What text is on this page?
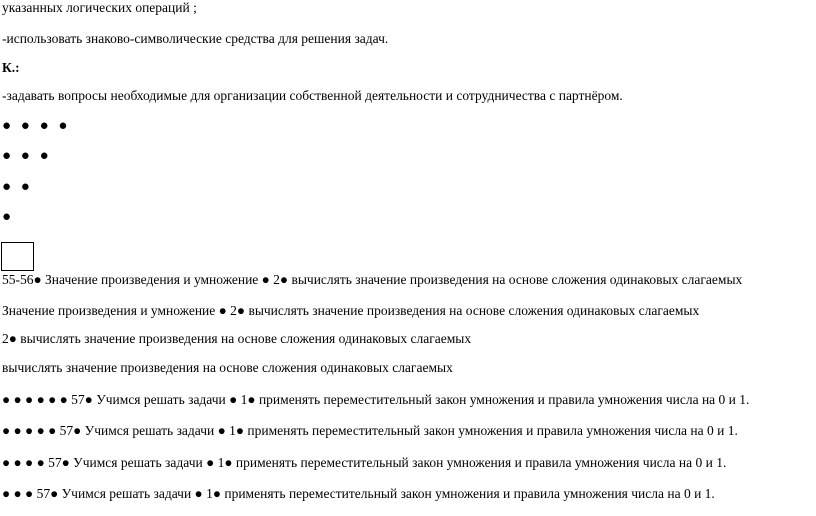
указанных логических операций ;
-использовать знаково-символические средства для решения задач.
К.:
-задавать вопросы необходимые для организации собственной деятельности и сотрудничества с партнёром.
● ● ● ●
● ● ●
● ●
●
55-56● Значение произведения и умножение ● 2● вычислять значение произведения на основе сложения одинаковых слагаемых
Значение произведения и умножение ● 2● вычислять значение произведения на основе сложения одинаковых слагаемых
2● вычислять значение произведения на основе сложения одинаковых слагаемых
вычислять значение произведения на основе сложения одинаковых слагаемых
● ● ● ● ● ● 57● Учимся решать задачи ● 1● применять переместительный закон умножения и правила умножения числа на 0 и 1.
● ● ● ● ● 57● Учимся решать задачи ● 1● применять переместительный закон умножения и правила умножения числа на 0 и 1.
● ● ● ● 57● Учимся решать задачи ● 1● применять переместительный закон умножения и правила умножения числа на 0 и 1.
● ● ● 57● Учимся решать задачи ● 1● применять переместительный закон умножения и правила умножения числа на 0 и 1.
